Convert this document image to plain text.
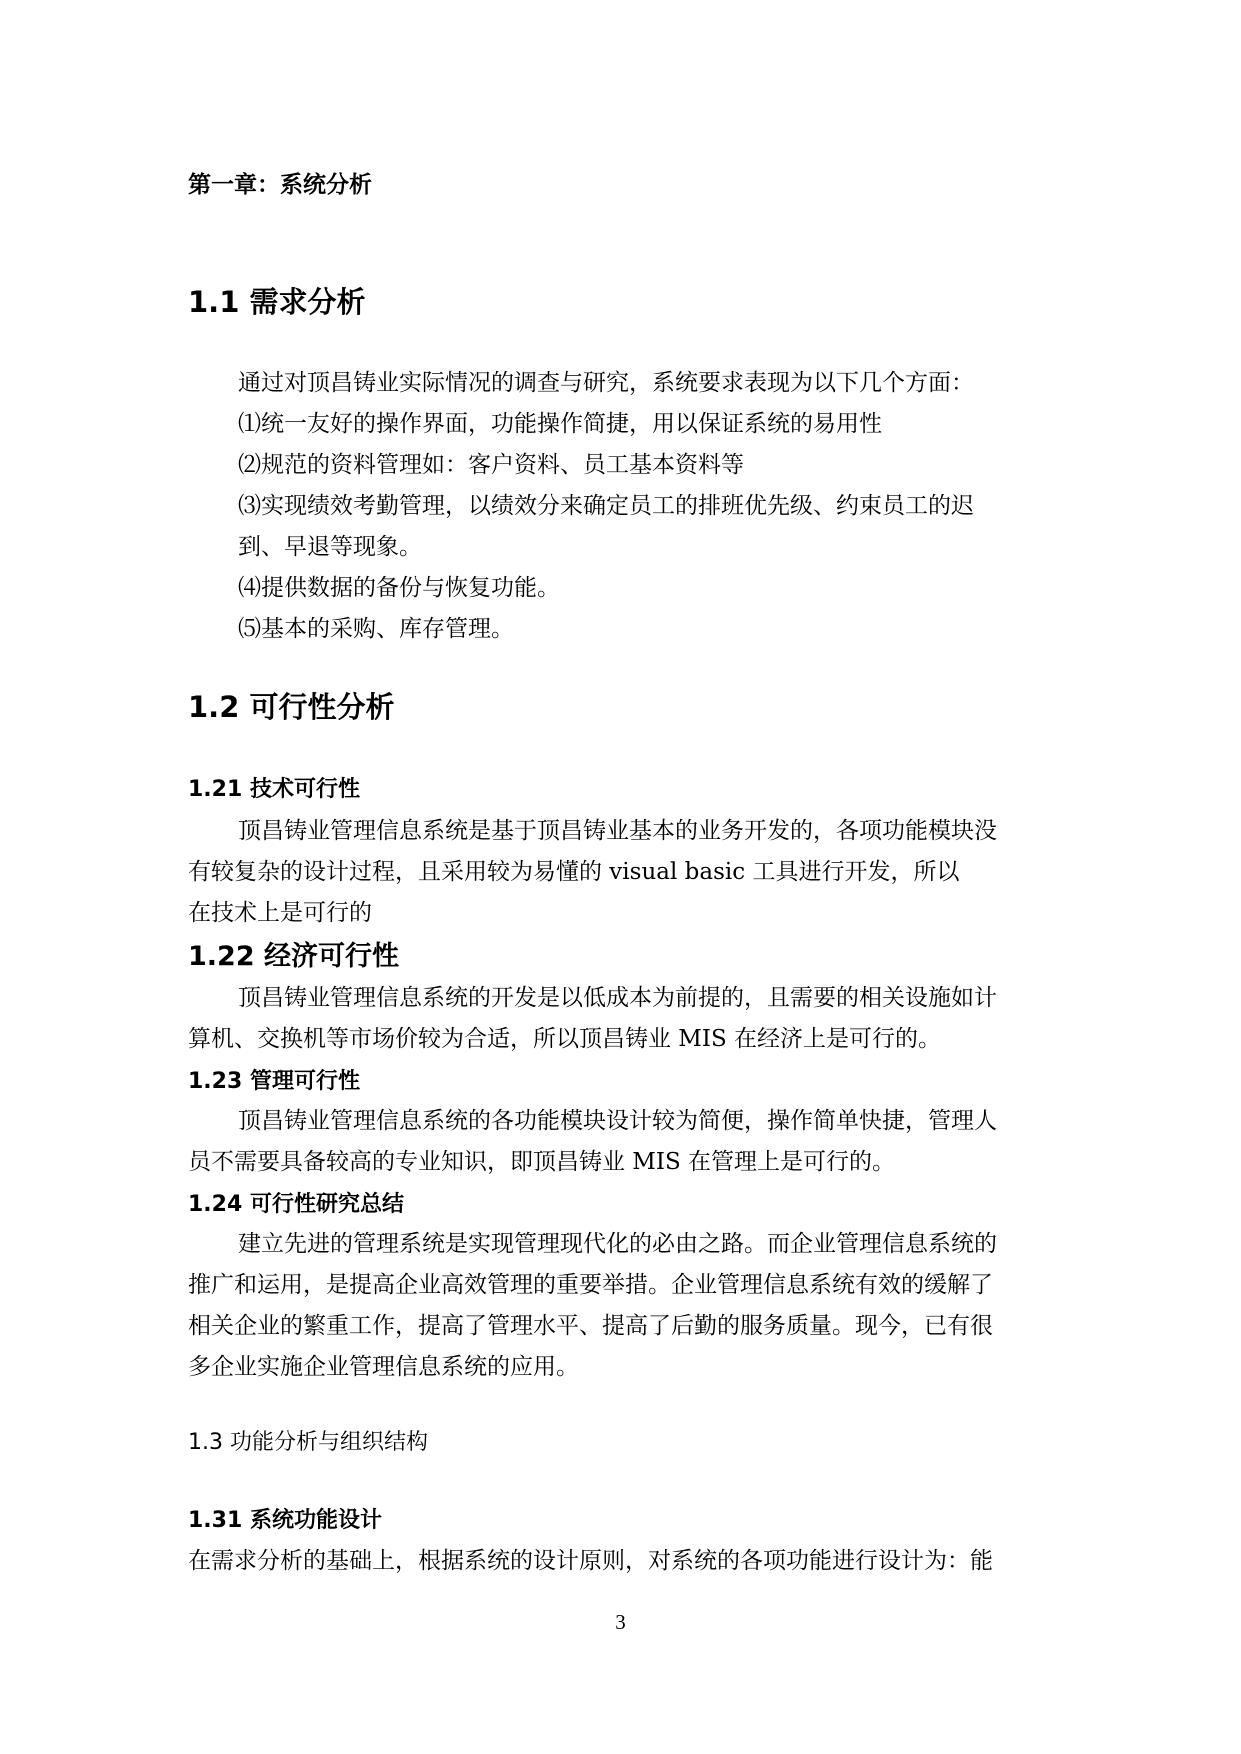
第一章：系统分析
1.1 需求分析

通过对顶昌铸业实际情况的调查与研究，系统要求表现为以下几个方面：

⑴统一友好的操作界面，功能操作简捷，用以保证系统的易用性

⑵规范的资料管理如：客户资料、员工基本资料等

⑶实现绩效考勤管理，以绩效分来确定员工的排班优先级、约束员工的迟

到、早退等现象。

⑷提供数据的备份与恢复功能。

⑸基本的采购、库存管理。

1.2 可行性分析
1.21 技术可行性

顶昌铸业管理信息系统是基于顶昌铸业基本的业务开发的，各项功能模块没

有较复杂的设计过程，且采用较为易懂的 visual basic 工具进行开发，所以

在技术上是可行的

1.22 经济可行性

顶昌铸业管理信息系统的开发是以低成本为前提的，且需要的相关设施如计

算机、交换机等市场价较为合适，所以顶昌铸业 MIS 在经济上是可行的。

1.23 管理可行性

顶昌铸业管理信息系统的各功能模块设计较为简便，操作简单快捷，管理人

员不需要具备较高的专业知识，即顶昌铸业 MIS 在管理上是可行的。

1.24 可行性研究总结

建立先进的管理系统是实现管理现代化的必由之路。而企业管理信息系统的

推广和运用，是提高企业高效管理的重要举措。企业管理信息系统有效的缓解了

相关企业的繁重工作，提高了管理水平、提高了后勤的服务质量。现今，已有很

多企业实施企业管理信息系统的应用。

1.3 功能分析与组织结构
1.31 系统功能设计

在需求分析的基础上，根据系统的设计原则，对系统的各项功能进行设计为：能

3
